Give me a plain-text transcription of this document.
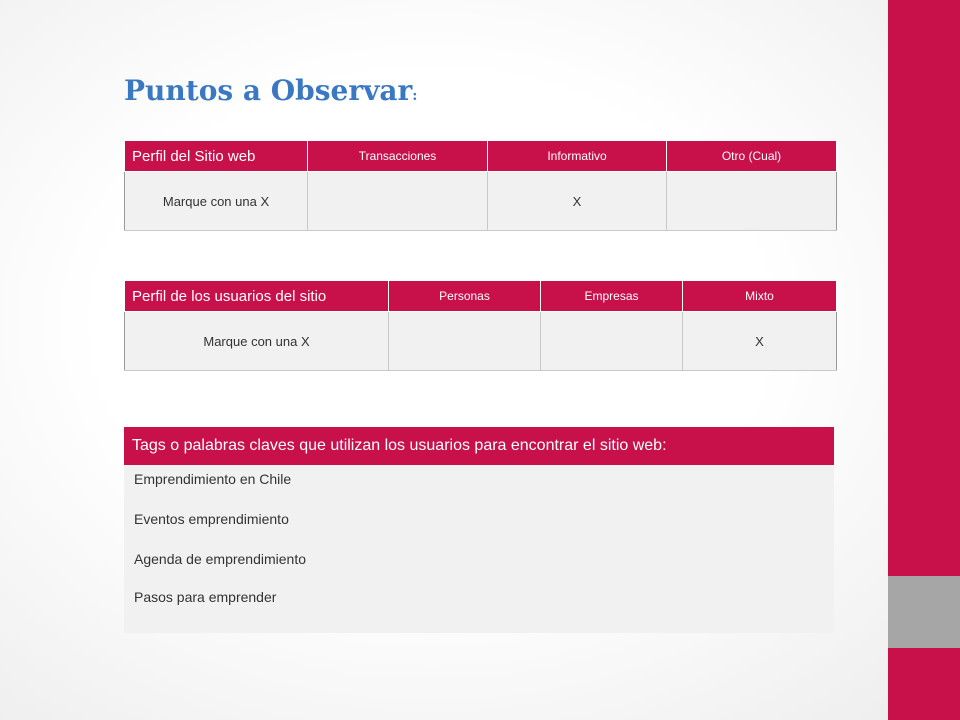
Puntos a Observar:
Perfil del Sitio web	Transacciones	Informativo	Otro (Cual)
Marque con una X		X	
Perfil de los usuarios del sitio	Personas	Empresas	Mixto
Marque con una X			X
Tags o palabras claves que utilizan los usuarios para encontrar el sitio web:
Emprendimiento en Chile
Eventos emprendimiento
Agenda de emprendimiento
Pasos para emprender
